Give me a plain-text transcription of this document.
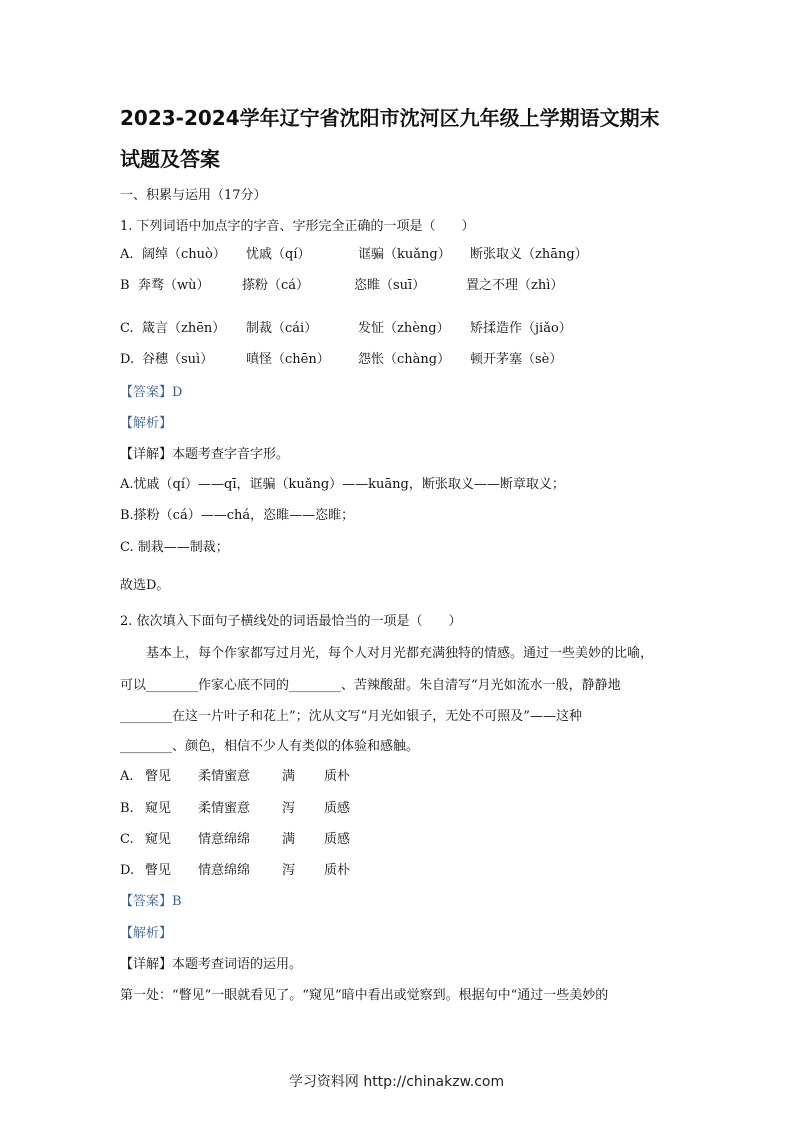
2023-2024学年辽宁省沈阳市沈河区九年级上学期语文期末
试题及答案
一、积累与运用（17分）
1. 下列词语中加点字的字音、字形完全正确的一项是（　　）
A. 阔绰（chuò） 忧戚（qí）	诓骗（kuǎng） 断张取义（zhāng）
B 奔骛（wù） 搽粉（cá）	恣睢（suī）	置之不理（zhì）
C. 箴言（zhēn） 制裁（cái）	发怔（zhèng） 矫揉造作（jiǎo）
D. 谷穗（suì）	嗔怪（chēn） 怨怅（chàng） 顿开茅塞（sè）
【答案】D
【解析】
【详解】本题考查字音字形。
A.忧戚（qí）——qī，诓骗（kuǎng）——kuāng，断张取义——断章取义；
B.搽粉（cá）——chá，恣睢——恣睢；
C. 制栽——制裁；
故选D。
2. 依次填入下面句子横线处的词语最恰当的一项是（　　）
　　基本上，每个作家都写过月光，每个人对月光都充满独特的情感。通过一些美妙的比喻，
可以________作家心底不同的________、苦辣酸甜。朱自清写“月光如流水一般，静静地
________在这一片叶子和花上”；沈从文写“月光如银子，无处不可照及”——这种
________、颜色，相信不少人有类似的体验和感触。
A. 瞥见 柔情蜜意 满 质朴
B. 窥见 柔情蜜意 泻 质感
C. 窥见 情意绵绵 满 质感
D. 瞥见 情意绵绵 泻 质朴
【答案】B
【解析】
【详解】本题考查词语的运用。
第一处：“瞥见”一眼就看见了。“窥见”暗中看出或觉察到。根据句中“通过一些美妙的
学习资料网 http://chinakzw.com
